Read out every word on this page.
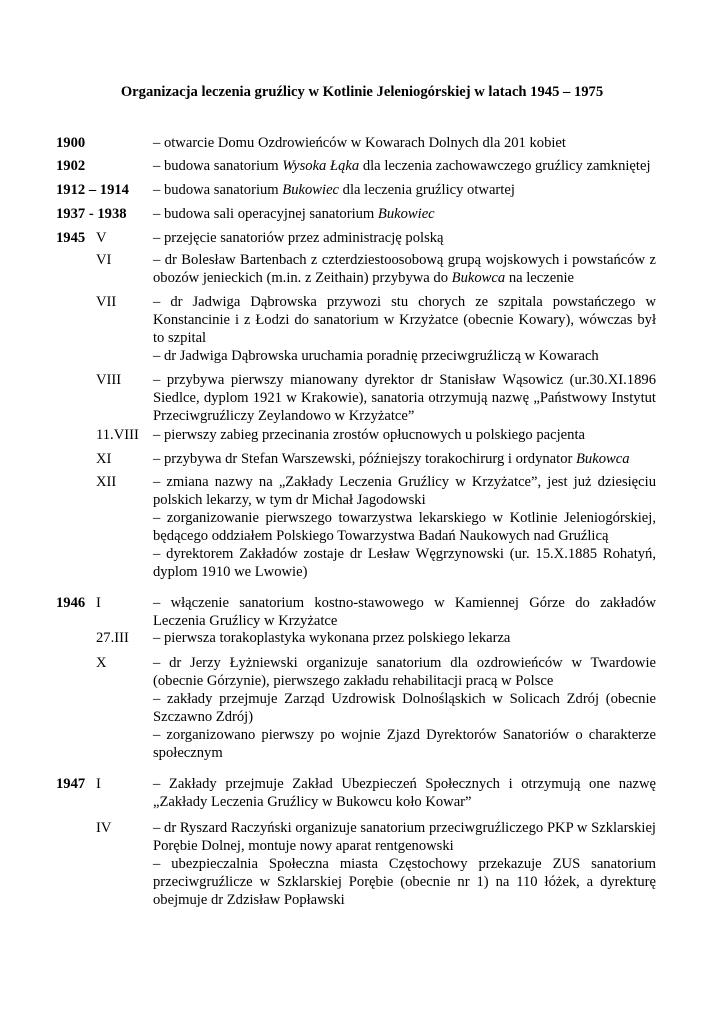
Organizacja leczenia gruźlicy w Kotlinie Jeleniogórskiej w latach 1945 – 1975
1900	– otwarcie Domu Ozdrowieńców w Kowarach Dolnych dla 201 kobiet
1902	– budowa sanatorium Wysoka Łąka dla leczenia zachowawczego gruźlicy zamkniętej
1912 – 1914 – budowa sanatorium Bukowiec dla leczenia gruźlicy otwartej
1937 - 1938 – budowa sali operacyjnej sanatorium Bukowiec
1945 V	– przejęcie sanatoriów przez administrację polską
VI	– dr Bolesław Bartenbach z czterdziestoosobową grupą wojskowych i powstańców z obozów jenieckich (m.in. z Zeithain) przybywa do Bukowca na leczenie
VII	– dr Jadwiga Dąbrowska przywozi stu chorych ze szpitala powstańczego w Konstancinie i z Łodzi do sanatorium w Krzyżatce (obecnie Kowary), wówczas był to szpital
– dr Jadwiga Dąbrowska uruchamia poradnię przeciwgruźliczą w Kowarach
VIII – przybywa pierwszy mianowany dyrektor dr Stanisław Wąsowicz (ur.30.XI.1896 Siedlce, dyplom 1921 w Krakowie), sanatoria otrzymują nazwę „Państwowy Instytut Przeciwgruźliczy Zeylandowo w Krzyżatce”
11.VIII – pierwszy zabieg przecinania zrostów opłucnowych u polskiego pacjenta
XI	– przybywa dr Stefan Warszewski, późniejszy torakochirurg i ordynator Bukowca
XII	– zmiana nazwy na „Zakłady Leczenia Gruźlicy w Krzyżatce”, jest już dziesięciu polskich lekarzy, w tym dr Michał Jagodowski
– zorganizowanie pierwszego towarzystwa lekarskiego w Kotlinie Jeleniogórskiej, będącego oddziałem Polskiego Towarzystwa Badań Naukowych nad Gruźlicą
– dyrektorem Zakładów zostaje dr Lesław Węgrzynowski (ur. 15.X.1885 Rohatyń, dyplom 1910 we Lwowie)
1946 I	– włączenie sanatorium kostno-stawowego w Kamiennej Górze do zakładów Leczenia Gruźlicy w Krzyżatce
27.III – pierwsza torakoplastyka wykonana przez polskiego lekarza
X	– dr Jerzy Łyżniewski organizuje sanatorium dla ozdrowieńców w Twardowie (obecnie Górzynie), pierwszego zakładu rehabilitacji pracą w Polsce
– zakłady przejmuje Zarząd Uzdrowisk Dolnośląskich w Solicach Zdrój (obecnie Szczawno Zdrój)
– zorganizowano pierwszy po wojnie Zjazd Dyrektorów Sanatoriów o charakterze społecznym
1947 I	– Zakłady przejmuje Zakład Ubezpieczeń Społecznych i otrzymują one nazwę „Zakłady Leczenia Gruźlicy w Bukowcu koło Kowar”
IV	– dr Ryszard Raczyński organizuje sanatorium przeciwgruźliczego PKP w Szklarskiej Porębie Dolnej, montuje nowy aparat rentgenowski
– ubezpieczalnia Społeczna miasta Częstochowy przekazuje ZUS sanatorium przeciwgruźlicze w Szklarskiej Porębie (obecnie nr 1) na 110 łóżek, a dyrekturę obejmuje dr Zdzisław Popławski
